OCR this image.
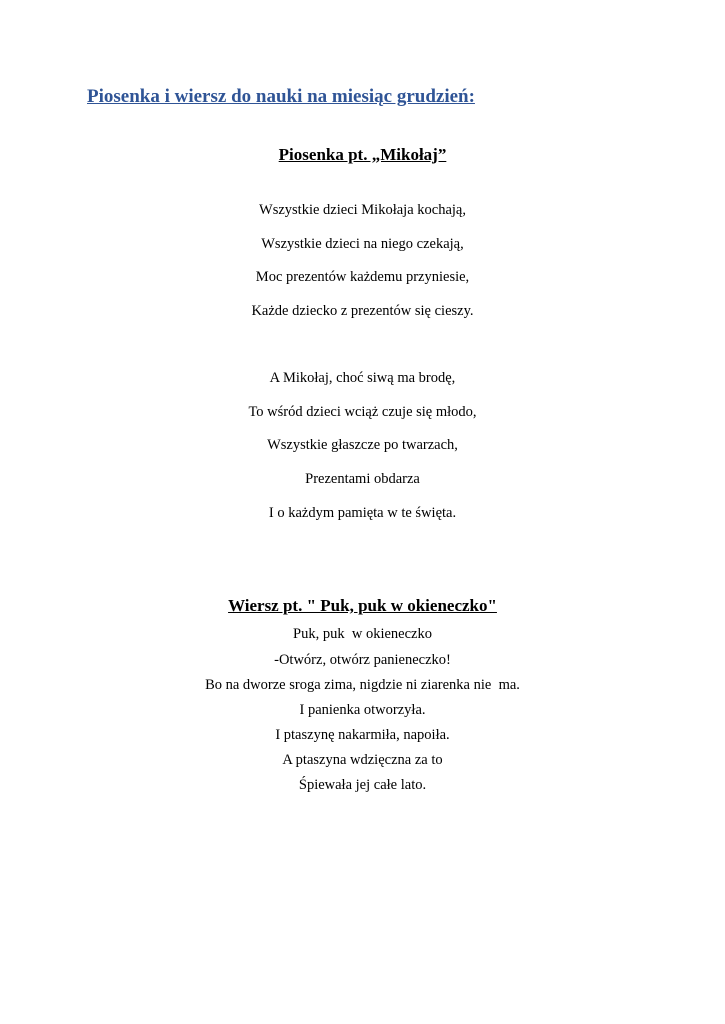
Piosenka i wiersz do nauki na miesiąc grudzień:
Piosenka pt. „Mikołaj”
Wszystkie dzieci Mikołaja kochają,
Wszystkie dzieci na niego czekają,
Moc prezentów każdemu przyniesie,
Każde dziecko z prezentów się cieszy.
A Mikołaj, choć siwą ma brodę,
To wśród dzieci wciąż czuje się młodo,
Wszystkie głaszcze po twarzach,
Prezentami obdarza
I o każdym pamięta w te święta.
Wiersz pt. " Puk, puk w okieneczko"
Puk, puk  w okieneczko
-Otwórz, otwórz panieneczko!
Bo na dworze sroga zima, nigdzie ni ziarenka nie  ma.
I panienka otworzyła.
I ptaszynę nakarmiła, napoiła.
A ptaszyna wdzięczna za to
Śpiewała jej całe lato.
